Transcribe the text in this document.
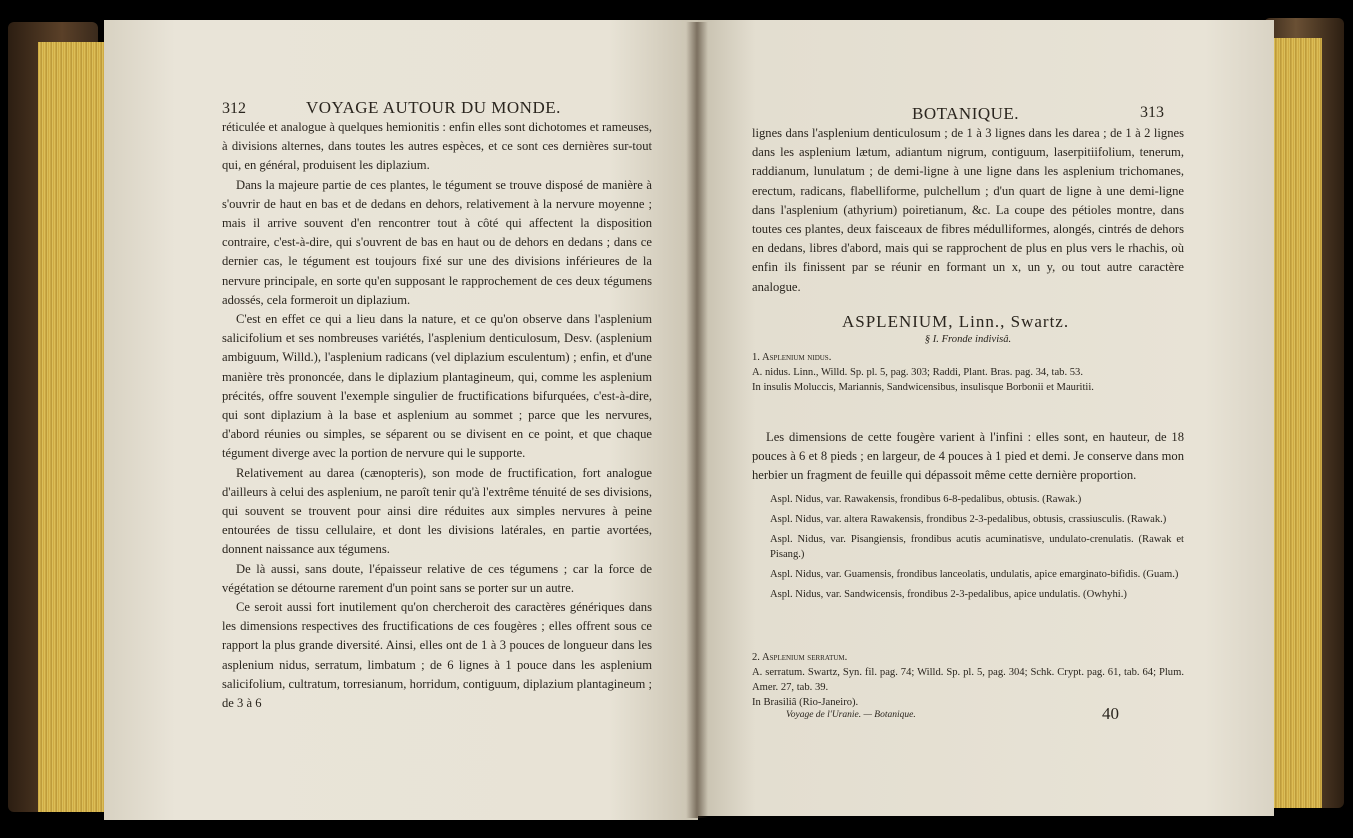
312	VOYAGE AUTOUR DU MONDE.

réticulée et analogue à quelques hemionitis : enfin elles sont dichotomes et rameuses, à divisions alternes, dans toutes les autres espèces, et ce sont ces dernières sur-tout qui, en général, produisent les diplazium.

Dans la majeure partie de ces plantes, le tégument se trouve disposé de manière à s'ouvrir de haut en bas et de dedans en dehors, relativement à la nervure moyenne ; mais il arrive souvent d'en rencontrer tout à côté qui affectent la disposition contraire, c'est-à-dire, qui s'ouvrent de bas en haut ou de dehors en dedans ; dans ce dernier cas, le tégument est toujours fixé sur une des divisions inférieures de la nervure principale, en sorte qu'en supposant le rapprochement de ces deux tégumens adossés, cela formeroit un diplazium.

C'est en effet ce qui a lieu dans la nature, et ce qu'on observe dans l'asplenium salicifolium et ses nombreuses variétés, l'asplenium denticulosum, Desv. (asplenium ambiguum, Willd.), l'asplenium radicans (vel diplazium esculentum) ; enfin, et d'une manière très prononcée, dans le diplazium plantagineum, qui, comme les asplenium précités, offre souvent l'exemple singulier de fructifications bifurquées, c'est-à-dire, qui sont diplazium à la base et asplenium au sommet ; parce que les nervures, d'abord réunies ou simples, se séparent ou se divisent en ce point, et que chaque tégument diverge avec la portion de nervure qui le supporte.

Relativement au darea (cænopteris), son mode de fructification, fort analogue d'ailleurs à celui des asplenium, ne paroît tenir qu'à l'extrême ténuité de ses divisions, qui souvent se trouvent pour ainsi dire réduites aux simples nervures à peine entourées de tissu cellulaire, et dont les divisions latérales, en partie avortées, donnent naissance aux tégumens.

De là aussi, sans doute, l'épaisseur relative de ces tégumens ; car la force de végétation se détourne rarement d'un point sans se porter sur un autre.

Ce seroit aussi fort inutilement qu'on chercheroit des caractères génériques dans les dimensions respectives des fructifications de ces fougères ; elles offrent sous ce rapport la plus grande diversité. Ainsi, elles ont de 1 à 3 pouces de longueur dans les asplenium nidus, serratum, limbatum ; de 6 lignes à 1 pouce dans les asplenium salicifolium, cultratum, torresianum, horridum, contiguum, diplazium plantagineum ; de 3 à 6

BOTANIQUE.	313

lignes dans l'asplenium denticulosum ; de 1 à 3 lignes dans les darea ; de 1 à 2 lignes dans les asplenium lætum, adiantum nigrum, contiguum, laserpitiifolium, tenerum, raddianum, lunulatum ; de demi-ligne à une ligne dans les asplenium trichomanes, erectum, radicans, flabelliforme, pulchellum ; d'un quart de ligne à une demi-ligne dans l'asplenium (athyrium) poiretianum, &c. La coupe des pétioles montre, dans toutes ces plantes, deux faisceaux de fibres médulliformes, alongés, cintrés de dehors en dedans, libres d'abord, mais qui se rapprochent de plus en plus vers le rhachis, où enfin ils finissent par se réunir en formant un x, un y, ou tout autre caractère analogue.

ASPLENIUM, Linn., Swartz.
§ I. Fronde indivisâ.

1. Asplenium nidus.

A. nidus. Linn., Willd. Sp. pl. 5, pag. 303; Raddi, Plant. Bras. pag. 34, tab. 53.

In insulis Moluccis, Mariannis, Sandwicensibus, insulisque Borbonii et Mauritii.

Les dimensions de cette fougère varient à l'infini : elles sont, en hauteur, de 18 pouces à 6 et 8 pieds ; en largeur, de 4 pouces à 1 pied et demi. Je conserve dans mon herbier un fragment de feuille qui dépassoit même cette dernière proportion.

Aspl. Nidus, var. Rawakensis, frondibus 6-8-pedalibus, obtusis. (Rawak.)

Aspl. Nidus, var. altera Rawakensis, frondibus 2-3-pedalibus, obtusis, crassiusculis. (Rawak.)

Aspl. Nidus, var. Pisangiensis, frondibus acutis acuminatisve, undulato-crenulatis. (Rawak et Pisang.)

Aspl. Nidus, var. Guamensis, frondibus lanceolatis, undulatis, apice emarginato-bifidis. (Guam.)

Aspl. Nidus, var. Sandwicensis, frondibus 2-3-pedalibus, apice undulatis. (Owhyhi.)

2. Asplenium serratum.

A. serratum. Swartz, Syn. fil. pag. 74; Willd. Sp. pl. 5, pag. 304; Schk. Crypt. pag. 61, tab. 64; Plum. Amer. 27, tab. 39.

In Brasiliâ (Rio-Janeiro).

Voyage de l'Uranie. — Botanique.	40
